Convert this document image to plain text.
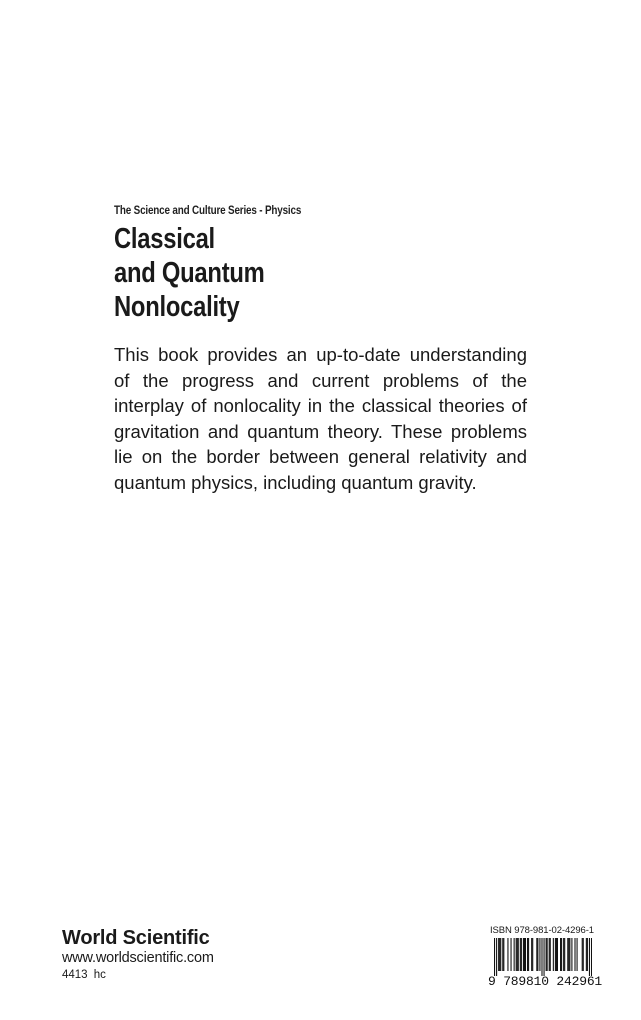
The Science and Culture Series - Physics
Classical
and Quantum
Nonlocality

This book provides an up-to-date understanding of the progress and current problems of the interplay of nonlocality in the classical theories of gravitation and quantum theory. These problems lie on the border between general relativity and quantum physics, including quantum gravity.

World Scientific
www.worldscientific.com
4413 hc
ISBN 978-981-02-4296-1
9 789810 242961
